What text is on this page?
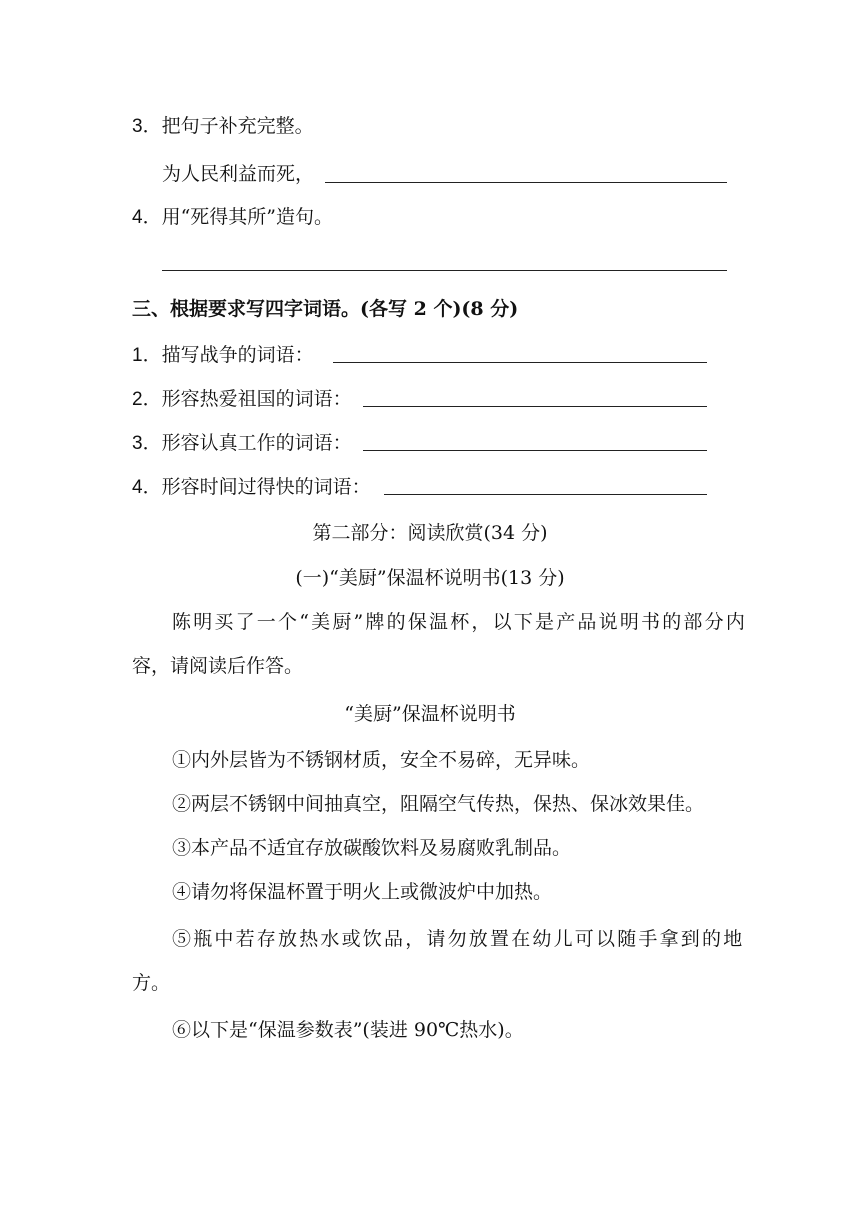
3．把句子补充完整。
为人民利益而死，
4．用“死得其所”造句。
三、根据要求写四字词语。(各写 2 个)(8 分)
1．描写战争的词语：
2．形容热爱祖国的词语：
3．形容认真工作的词语：
4．形容时间过得快的词语：
第二部分：阅读欣赏(34 分)
(一)“美厨”保温杯说明书(13 分)
陈明买了一个“美厨”牌的保温杯，以下是产品说明书的部分内
容，请阅读后作答。
“美厨”保温杯说明书
①内外层皆为不锈钢材质，安全不易碎，无异味。
②两层不锈钢中间抽真空，阻隔空气传热，保热、保冰效果佳。
③本产品不适宜存放碳酸饮料及易腐败乳制品。
④请勿将保温杯置于明火上或微波炉中加热。
⑤瓶中若存放热水或饮品，请勿放置在幼儿可以随手拿到的地
方。
⑥以下是“保温参数表”(装进 90℃热水)。
